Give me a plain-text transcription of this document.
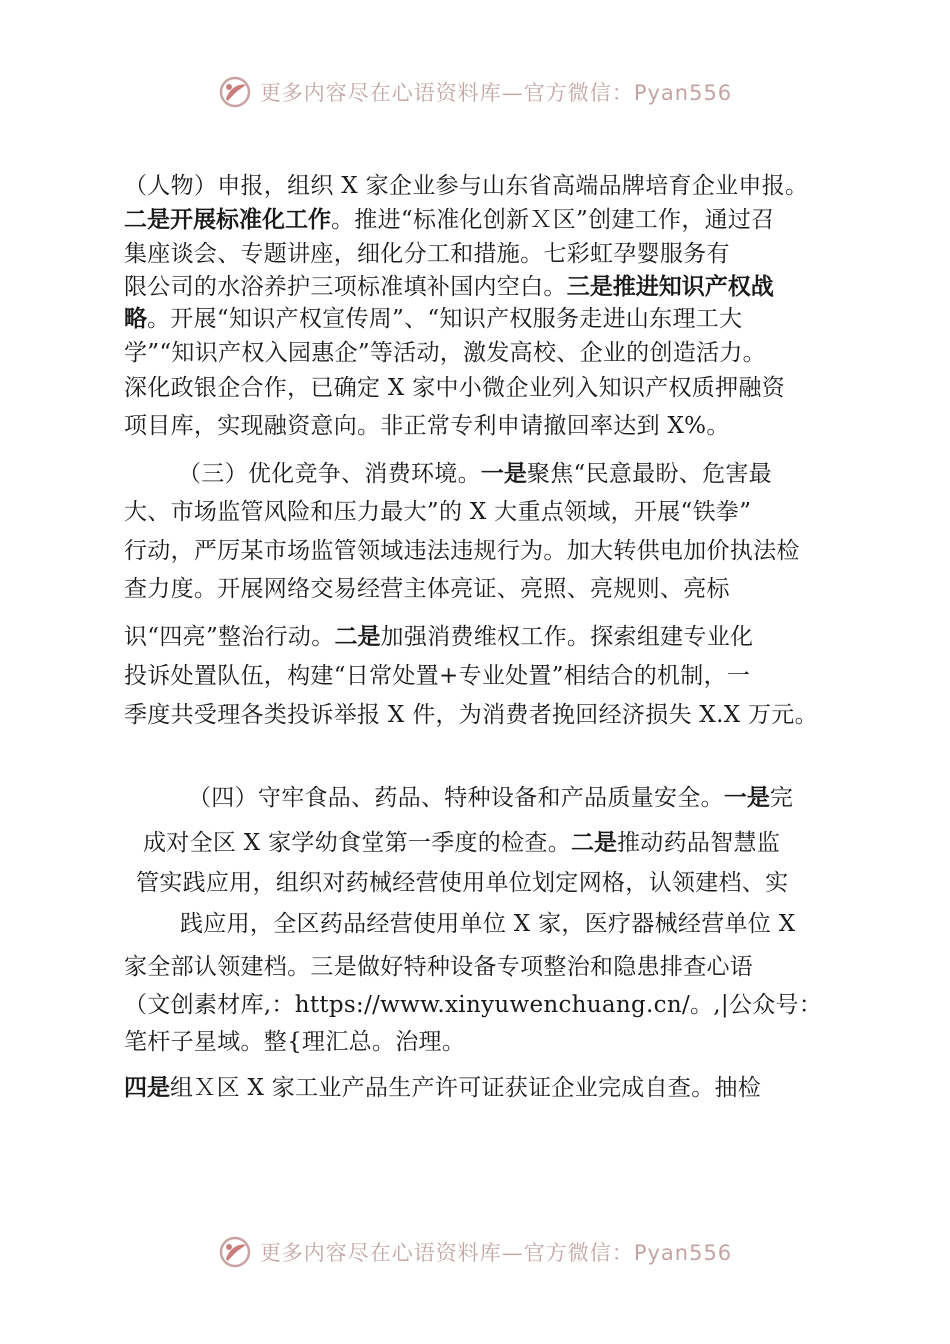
更多内容尽在心语资料库—官方微信：Pyan556
（人物）申报，组织 X 家企业参与山东省高端品牌培育企业申报。
二是开展标准化工作。推进“标准化创新Ｘ区”创建工作，通过召
集座谈会、专题讲座，细化分工和措施。七彩虹孕婴服务有
限公司的水浴养护三项标准填补国内空白。三是推进知识产权战
略。开展“知识产权宣传周”、“知识产权服务走进山东理工大
学”“知识产权入园惠企”等活动，激发高校、企业的创造活力。
深化政银企合作，已确定 X 家中小微企业列入知识产权质押融资
项目库，实现融资意向。非正常专利申请撤回率达到 X%。
（三）优化竞争、消费环境。一是聚焦“民意最盼、危害最
大、市场监管风险和压力最大”的 X 大重点领域，开展“铁拳”
行动，严厉某市场监管领域违法违规行为。加大转供电加价执法检
查力度。开展网络交易经营主体亮证、亮照、亮规则、亮标
识“四亮”整治行动。二是加强消费维权工作。探索组建专业化
投诉处置队伍，构建“日常处置+专业处置”相结合的机制，一
季度共受理各类投诉举报 X 件，为消费者挽回经济损失 X.X 万元。
（四）守牢食品、药品、特种设备和产品质量安全。一是完
成对全区 X 家学幼食堂第一季度的检查。二是推动药品智慧监
管实践应用，组织对药械经营使用单位划定网格，认领建档、实
践应用，全区药品经营使用单位 X 家，医疗器械经营单位 X
家全部认领建档。三是做好特种设备专项整治和隐患排查心语
（文创素材库,：https://www.xinyuwenchuang.cn/。,|公众号：
笔杆子星域。整{理汇总。治理。
四是组Ｘ区 X 家工业产品生产许可证获证企业完成自查。抽检
更多内容尽在心语资料库—官方微信：Pyan556
